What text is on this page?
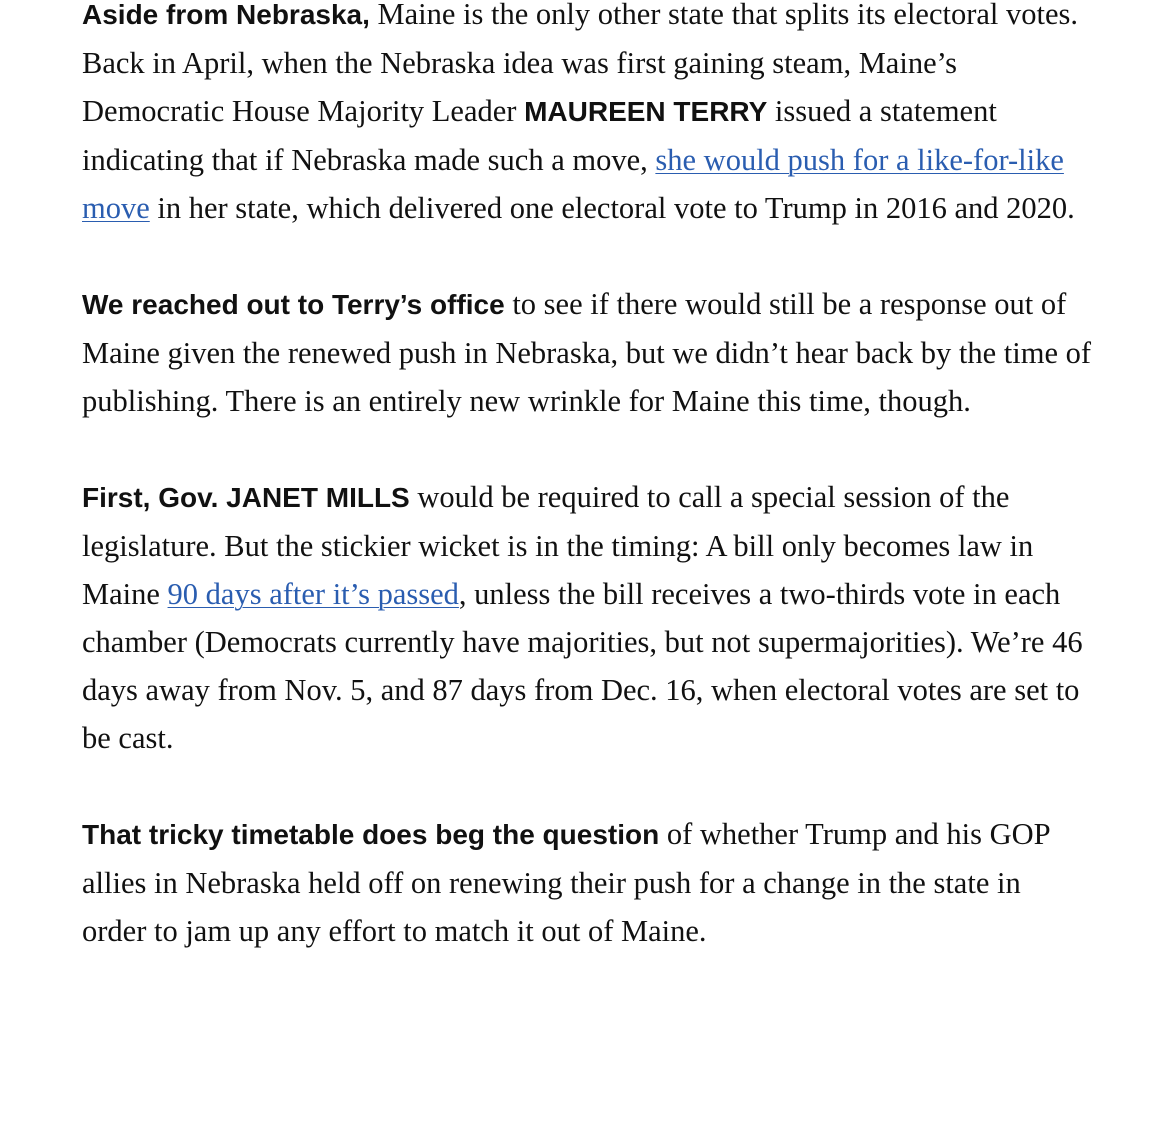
Aside from Nebraska, Maine is the only other state that splits its electoral votes. Back in April, when the Nebraska idea was first gaining steam, Maine’s Democratic House Majority Leader MAUREEN TERRY issued a statement indicating that if Nebraska made such a move, she would push for a like-for-like move in her state, which delivered one electoral vote to Trump in 2016 and 2020.

We reached out to Terry’s office to see if there would still be a response out of Maine given the renewed push in Nebraska, but we didn’t hear back by the time of publishing. There is an entirely new wrinkle for Maine this time, though.

First, Gov. JANET MILLS would be required to call a special session of the legislature. But the stickier wicket is in the timing: A bill only becomes law in Maine 90 days after it’s passed, unless the bill receives a two-thirds vote in each chamber (Democrats currently have majorities, but not supermajorities). We’re 46 days away from Nov. 5, and 87 days from Dec. 16, when electoral votes are set to be cast.

That tricky timetable does beg the question of whether Trump and his GOP allies in Nebraska held off on renewing their push for a change in the state in order to jam up any effort to match it out of Maine.
